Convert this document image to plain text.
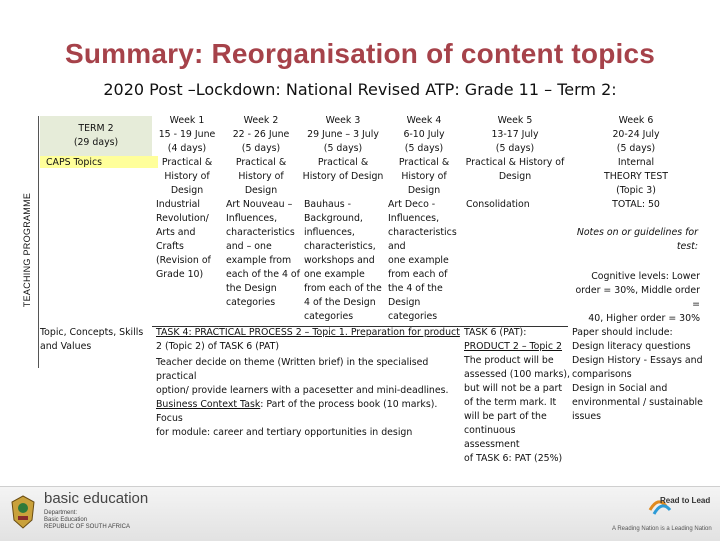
Summary: Reorganisation of content topics
2020 Post –Lockdown: National Revised ATP: Grade 11 – Term 2:
TEACHING PROGRAMME
TERM 2
(29 days)
CAPS Topics
Week 1
15 - 19 June
(4 days)
Week 2
22 - 26 June
(5 days)
Week 3
29 June – 3 July
(5 days)
Week 4
6-10 July
(5 days)
Week 5
13-17 July
(5 days)
Week 6
20-24 July
(5 days)
Practical &
History of
Design
Practical &
History of
Design
Practical &
History of Design
Practical &
History of
Design
Practical & History of
Design
Internal
THEORY TEST
(Topic 3)
TOTAL: 50
Industrial
Revolution/
Arts and
Crafts
(Revision of
Grade 10)
Art Nouveau –
Influences,
characteristics
and – one
example from
each of the 4 of
the Design
categories
Bauhaus -
Background,
influences,
characteristics,
workshops and
one example
from each of the
4 of the Design
categories
Art Deco -
Influences,
characteristics
and
one example
from each of
the 4 of the
Design
categories
Consolidation
Notes on or guidelines for
test:
Cognitive levels: Lower
order = 30%, Middle order =
40, Higher order = 30%
Paper should include:
Design literacy questions
Design History - Essays and
comparisons
Design in Social and
environmental / sustainable
issues
Topic, Concepts, Skills
and Values
TASK 4: PRACTICAL PROCESS 2 – Topic 1. Preparation for product
2 (Topic 2) of TASK 6 (PAT)
Teacher decide on theme (Written brief) in the specialised practical
option/ provide learners with a pacesetter and mini-deadlines.
Business Context Task: Part of the process book (10 marks). Focus
for module: career and tertiary opportunities in design
TASK 6 (PAT):
PRODUCT 2 – Topic 2
The product will be
assessed (100 marks),
but will not be a part
of the term mark. It
will be part of the
continuous assessment
of TASK 6: PAT (25%)
basic education
Department:
Basic Education
REPUBLIC OF SOUTH AFRICA
Read to Lead
A Reading Nation is a Leading Nation
